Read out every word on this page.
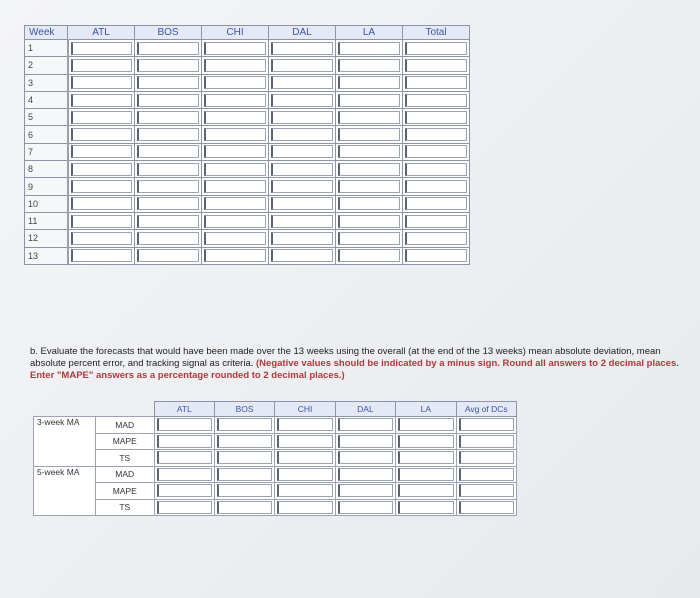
Week	ATL	BOS	CHI	DAL	LA	Total
1	

2	

3	

4	

5	

6	

7	

8	

9	

10	

11	

12	

13	

b. Evaluate the forecasts that would have been made over the 13 weeks using the overall (at the end of the 13 weeks) mean absolute deviation, mean absolute percent error, and tracking signal as criteria. (Negative values should be indicated by a minus sign. Round all answers to 2 decimal places. Enter "MAPE" answers as a percentage rounded to 2 decimal places.)
		ATL	BOS	CHI	DAL	LA	Avg of DCs
3-week MA	MAD	

	MAPE	

	TS	

5-week MA	MAD	

	MAPE	

	TS	
